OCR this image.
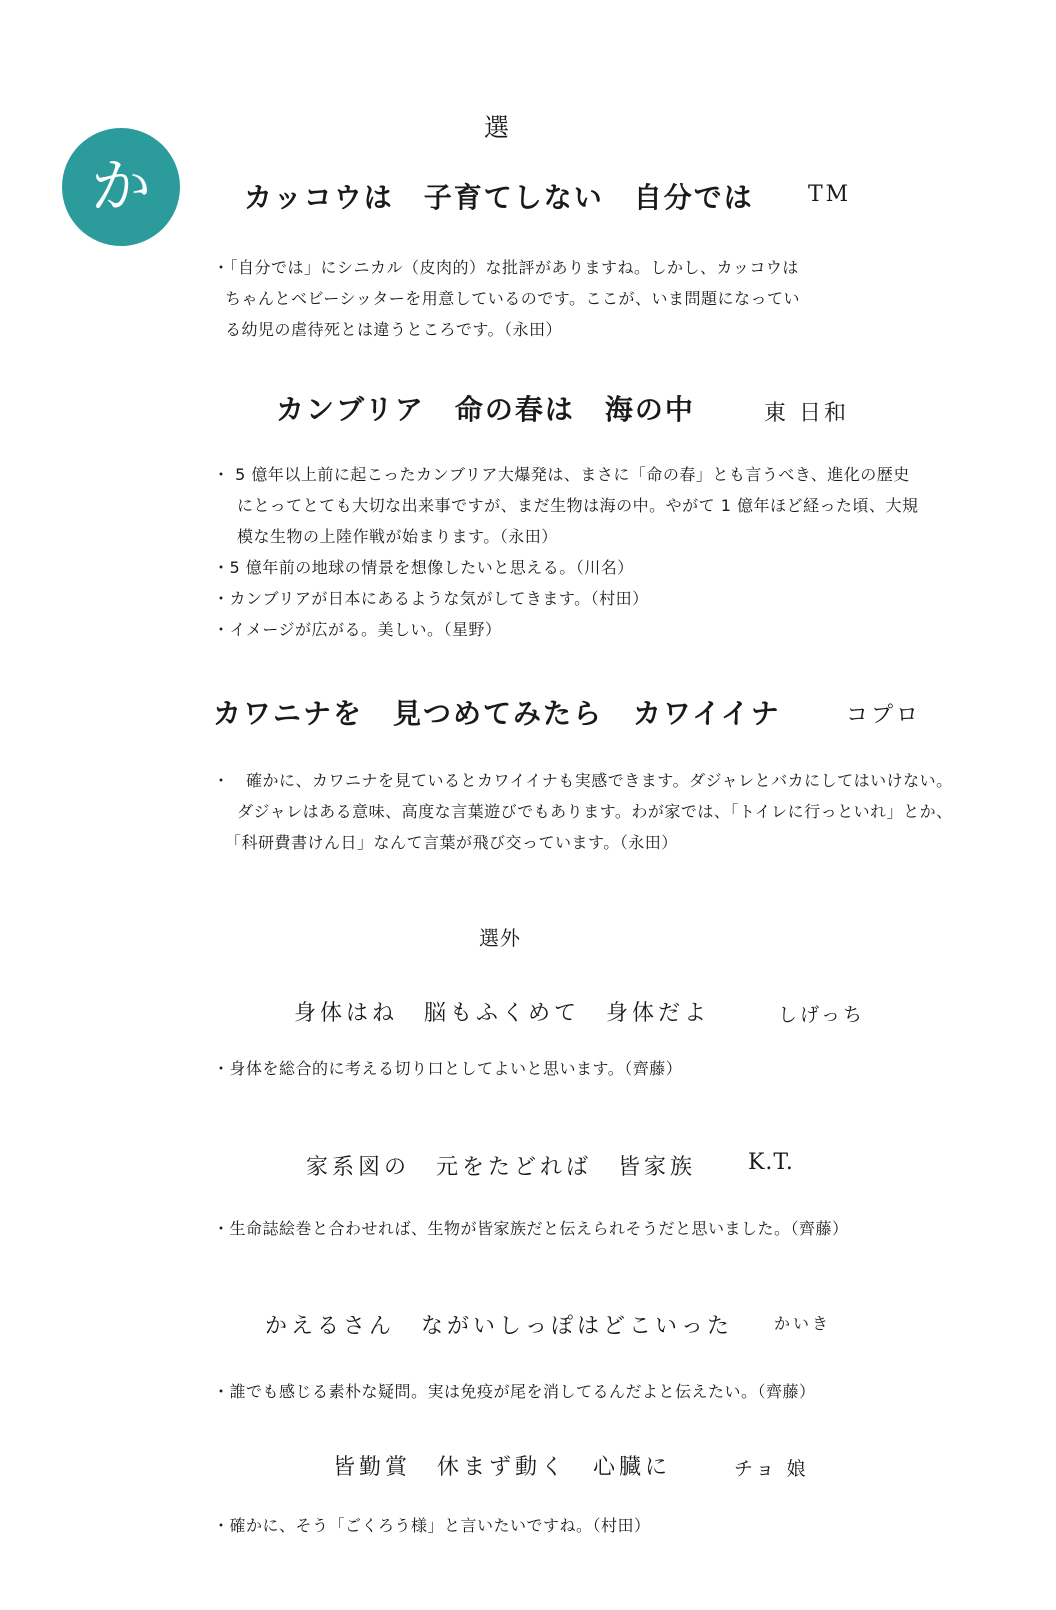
か
選
カッコウは　子育てしない　自分では TM
・「自分では」にシニカル（皮肉的）な批評がありますね。しかし、カッコウは
ちゃんとベビーシッターを用意しているのです。ここが、いま問題になってい
る幼児の虐待死とは違うところです。（永田）
カンブリア　命の春は　海の中	東 日和
・ 5 億年以上前に起こったカンブリア大爆発は、まさに「命の春」とも言うべき、進化の歴史
にとってとても大切な出来事ですが、まだ生物は海の中。やがて 1 億年ほど経った頃、大規
模な生物の上陸作戦が始まります。（永田）
・5 億年前の地球の情景を想像したいと思える。（川名）
・カンブリアが日本にあるような気がしてきます。（村田）
・イメージが広がる。美しい。（星野）
カワニナを　見つめてみたら　カワイイナ	コプロ
・　確かに、カワニナを見ているとカワイイナも実感できます。ダジャレとバカにしてはいけない。
ダジャレはある意味、高度な言葉遊びでもあります。わが家では、「トイレに行っといれ」とか、
「科研費書けん日」なんて言葉が飛び交っています。（永田）
選外
身体はね　脳もふくめて　身体だよ	しげっち
・身体を総合的に考える切り口としてよいと思います。（齊藤）
家系図の　元をたどれば　皆家族 K.T.
・生命誌絵巻と合わせれば、生物が皆家族だと伝えられそうだと思いました。（齊藤）
かえるさん　ながいしっぽはどこいった	かいき
・誰でも感じる素朴な疑問。実は免疫が尾を消してるんだよと伝えたい。（齊藤）
皆勤賞　休まず動く　心臓に	チョ 娘
・確かに、そう「ごくろう様」と言いたいですね。（村田）
